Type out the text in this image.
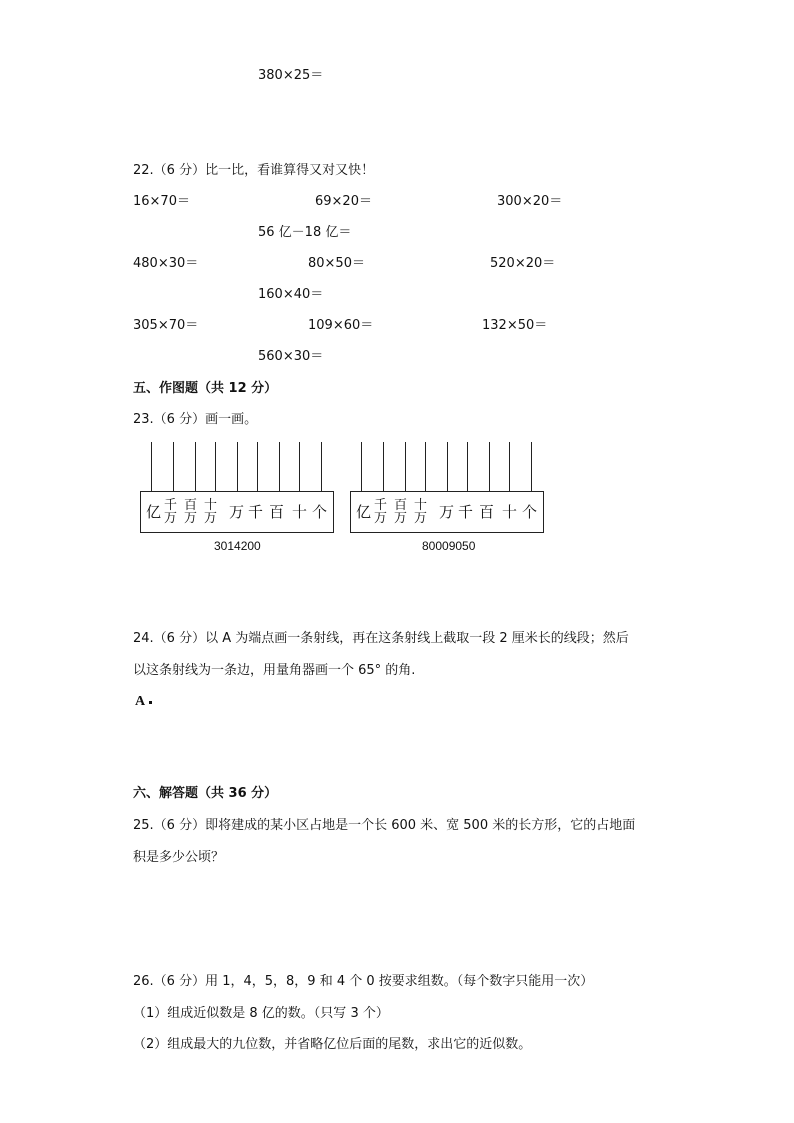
380×25＝
22.（6 分）比一比，看谁算得又对又快！
16×70＝	69×20＝	300×20＝
56 亿－18 亿＝
480×30＝	80×50＝	520×20＝
160×40＝
305×70＝	109×60＝	132×50＝
560×30＝
五、作图题（共 12 分）
23.（6 分）画一画。
亿 千万
百万
十万 万 千 百 十 个
3014200
亿 千万
百万
十万 万 千 百 十 个
80009050
24.（6 分）以 A 为端点画一条射线，再在这条射线上截取一段 2 厘米长的线段；然后
以这条射线为一条边，用量角器画一个 65° 的角.
A
六、解答题（共 36 分）
25.（6 分）即将建成的某小区占地是一个长 600 米、宽 500 米的长方形，它的占地面
积是多少公顷？
26.（6 分）用 1，4，5，8，9 和 4 个 0 按要求组数。（每个数字只能用一次）
（1）组成近似数是 8 亿的数。（只写 3 个）
（2）组成最大的九位数，并省略亿位后面的尾数，求出它的近似数。
